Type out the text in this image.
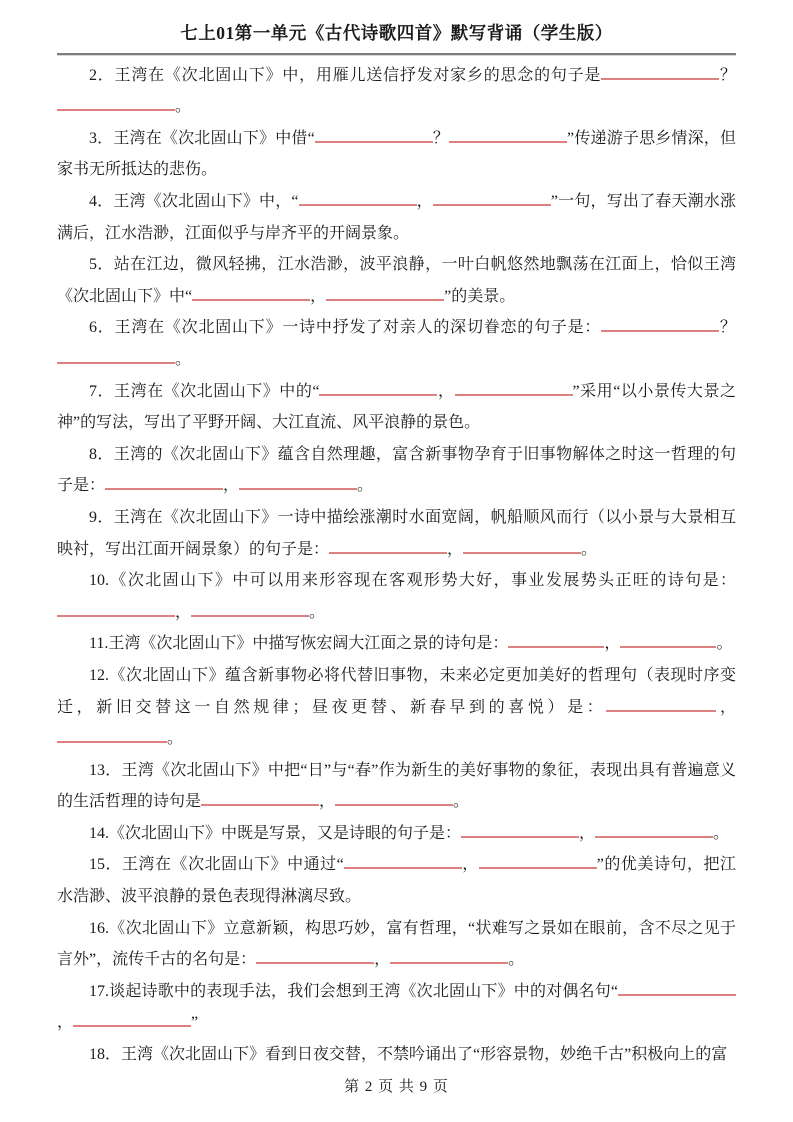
七上01第一单元《古代诗歌四首》默写背诵（学生版）

2．王湾在《次北固山下》中，用雁儿送信抒发对家乡的思念的句子是	？。

3．王湾在《次北固山下》中借“	？	”传递游子思乡情深，但家书无所抵达的悲伤。

4．王湾《次北固山下》中，“	，	”一句，写出了春天潮水涨满后，江水浩渺，江面似乎与岸齐平的开阔景象。

5．站在江边，微风轻拂，江水浩渺，波平浪静，一叶白帆悠然地飘荡在江面上，恰似王湾《次北固山下》中“	，	”的美景。

6．王湾在《次北固山下》一诗中抒发了对亲人的深切眷恋的句子是：	？。

7．王湾在《次北固山下》中的“	，	”采用“以小景传大景之神”的写法，写出了平野开阔、大江直流、风平浪静的景色。

8．王湾的《次北固山下》蕴含自然理趣，富含新事物孕育于旧事物解体之时这一哲理的句子是：	，	。

9．王湾在《次北固山下》一诗中描绘涨潮时水面宽阔，帆船顺风而行（以小景与大景相互映衬，写出江面开阔景象）的句子是：	，	。

10.《次北固山下》中可以用来形容现在客观形势大好，事业发展势头正旺的诗句是：，	。

11.王湾《次北固山下》中描写恢宏阔大江面之景的诗句是：	，	。

12.《次北固山下》蕴含新事物必将代替旧事物，未来必定更加美好的哲理句（表现时序变迁，新旧交替这一自然规律；昼夜更替、新春早到的喜悦）是：	，。

13．王湾《次北固山下》中把“日”与“春”作为新生的美好事物的象征，表现出具有普遍意义的生活哲理的诗句是	，	。

14.《次北固山下》中既是写景，又是诗眼的句子是：	，	。

15．王湾在《次北固山下》中通过“	，	”的优美诗句，把江水浩渺、波平浪静的景色表现得淋漓尽致。

16.《次北固山下》立意新颖，构思巧妙，富有哲理，“状难写之景如在眼前，含不尽之见于言外”，流传千古的名句是：	，	。

17.谈起诗歌中的表现手法，我们会想到王湾《次北固山下》中的对偶名句“，	”

18．王湾《次北固山下》看到日夜交替，不禁吟诵出了“形容景物，妙绝千古”积极向上的富

第 2 页 共 9 页
